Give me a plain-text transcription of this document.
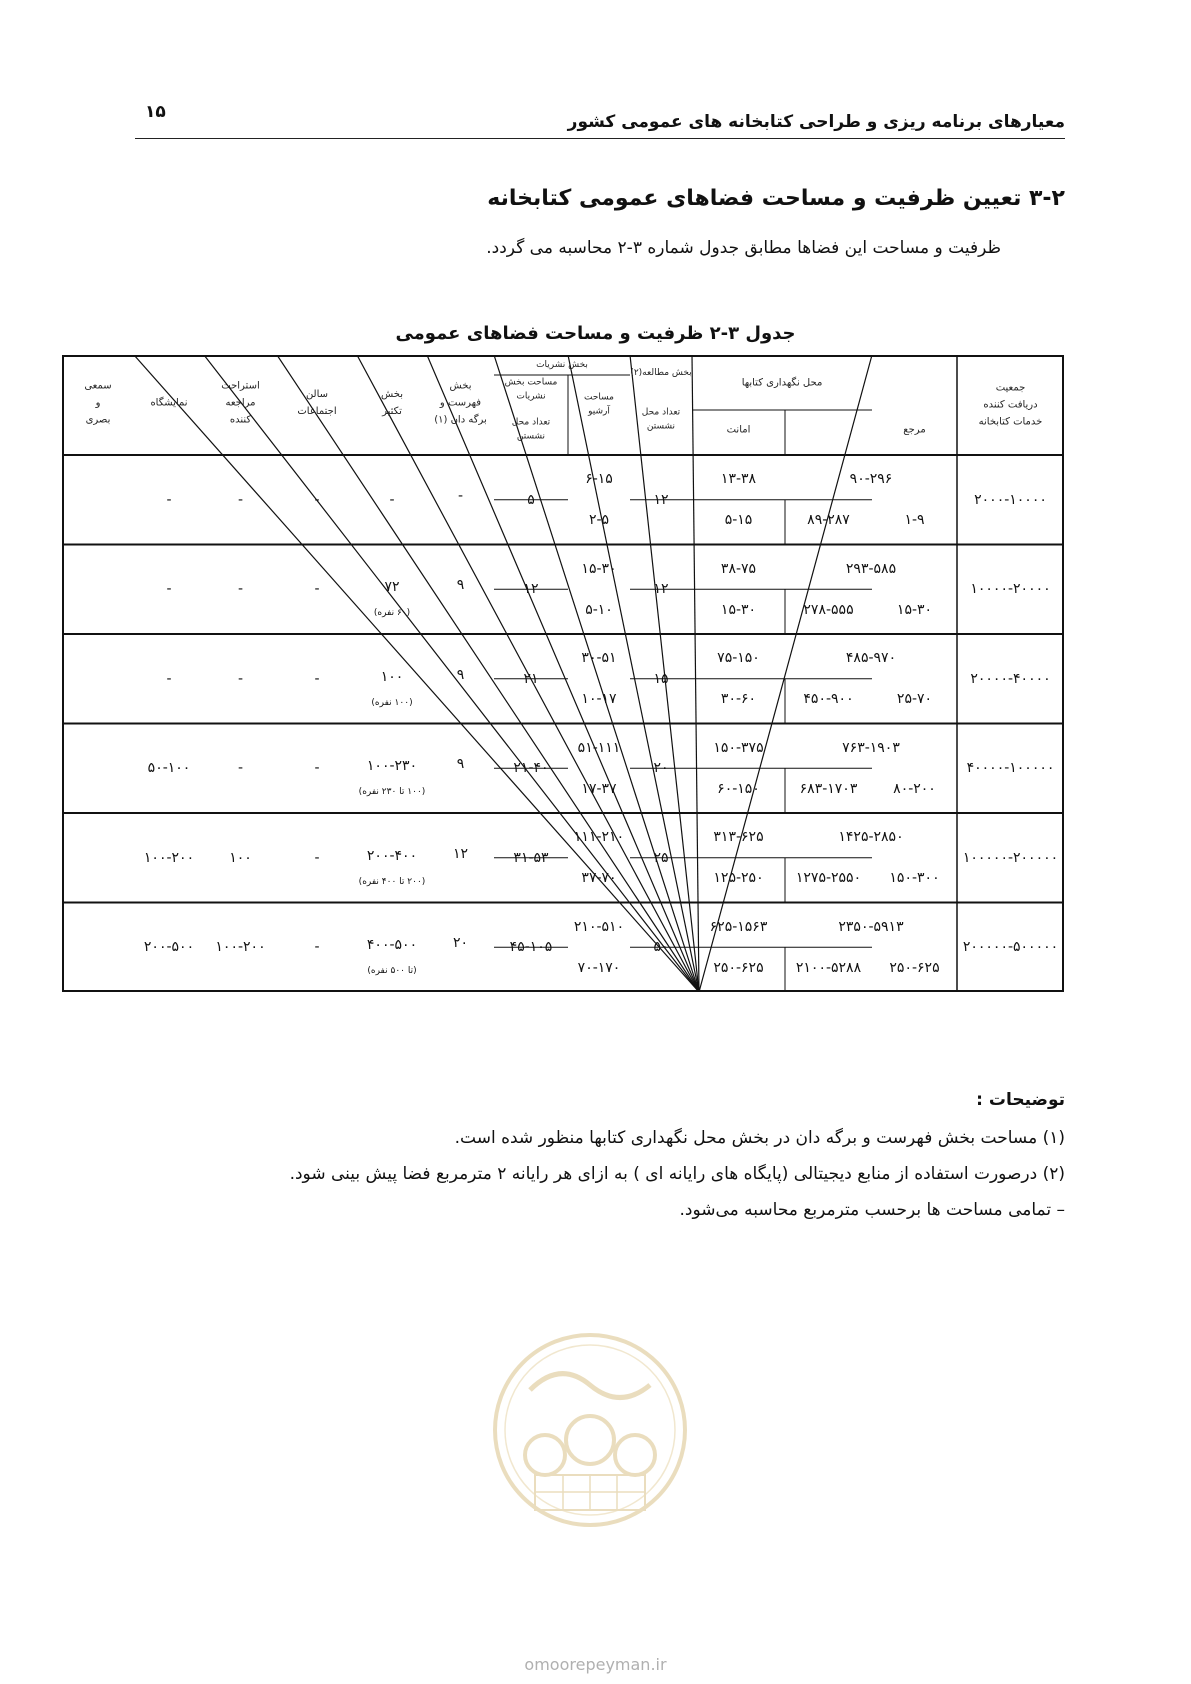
معیارهای برنامه ریزی و طراحی کتابخانه های عمومی کشور
۱۵
۳-۲ تعیین ظرفیت و مساحت فضاهای عمومی کتابخانه
ظرفیت و مساحت این فضاها مطابق جدول شماره ۳-۲ محاسبه می گردد.
جدول ۳-۲ ظرفیت و مساحت فضاهای عمومی
جمعیت
دریافت کننده
خدمات کتابخانه
محل نگهداری کتابها
مرجع
امانت
بخش مطالعه(۲)
تعداد محل
نشستن
بخش نشریات
مساحت
آرشیو
مساحت بخش
نشریات
تعداد محل
نشستن
بخش
فهرست و
برگه دان (۱)
بخش
تکثیر
سالن
اجتماعات
استراحت
مراجعه
کننده
نمایشگاه
سمعی
و
بصری
۲۰۰۰-۱۰۰۰۰
۹۰-۲۹۶
۱-۹
۸۹-۲۸۷
۱۳-۳۸
۵-۱۵
۱۲
۶-۱۵
۲-۵
۵
-
-
-
-
-
۱۰۰۰۰-۲۰۰۰۰
۲۹۳-۵۸۵
۱۵-۳۰
۲۷۸-۵۵۵
۳۸-۷۵
۱۵-۳۰
۱۲
۱۵-۳۰
۵-۱۰
۱۲
۹
۷۲
(۶۰ نفره)
-
-
-
۲۰۰۰۰-۴۰۰۰۰
۴۸۵-۹۷۰
۲۵-۷۰
۴۵۰-۹۰۰
۷۵-۱۵۰
۳۰-۶۰
۱۵
۳۰-۵۱
۱۰-۱۷
۲۱
۹
۱۰۰
(۱۰۰ نفره)
-
-
-
۴۰۰۰۰-۱۰۰۰۰۰
۷۶۳-۱۹۰۳
۸۰-۲۰۰
۶۸۳-۱۷۰۳
۱۵۰-۳۷۵
۶۰-۱۵۰
۲۰
۵۱-۱۱۱
۱۷-۳۷
۲۱-۴۰
۹
۱۰۰-۲۳۰
(۱۰۰ تا ۲۳۰ نفره)
-
-
۵۰-۱۰۰
۱۰۰۰۰۰-۲۰۰۰۰۰
۱۴۲۵-۲۸۵۰
۱۵۰-۳۰۰
۱۲۷۵-۲۵۵۰
۳۱۳-۶۲۵
۱۲۵-۲۵۰
۲۵
۱۱۱-۲۱۰
۳۷-۷۰
۳۱-۵۳
۱۲
۲۰۰-۴۰۰
(۲۰۰ تا ۴۰۰ نفره)
-
۱۰۰
۱۰۰-۲۰۰
۲۰۰۰۰۰-۵۰۰۰۰۰
۲۳۵۰-۵۹۱۳
۲۵۰-۶۲۵
۲۱۰۰-۵۲۸۸
۶۲۵-۱۵۶۳
۲۵۰-۶۲۵
۵۰
۲۱۰-۵۱۰
۷۰-۱۷۰
۴۵-۱۰۵
۲۰
۴۰۰-۵۰۰
(تا ۵۰۰ نفره)
-
۱۰۰-۲۰۰
۲۰۰-۵۰۰
توضیحات :
(۱) مساحت بخش فهرست و برگه دان در بخش محل نگهداری کتابها منظور شده است.
(۲) درصورت استفاده از منابع دیجیتالی (پایگاه های رایانه ای ) به ازای هر رایانه ۲ مترمربع فضا پیش بینی شود.
– تمامی مساحت ها برحسب مترمربع محاسبه می‌شود.
omoorepeyman.ir
